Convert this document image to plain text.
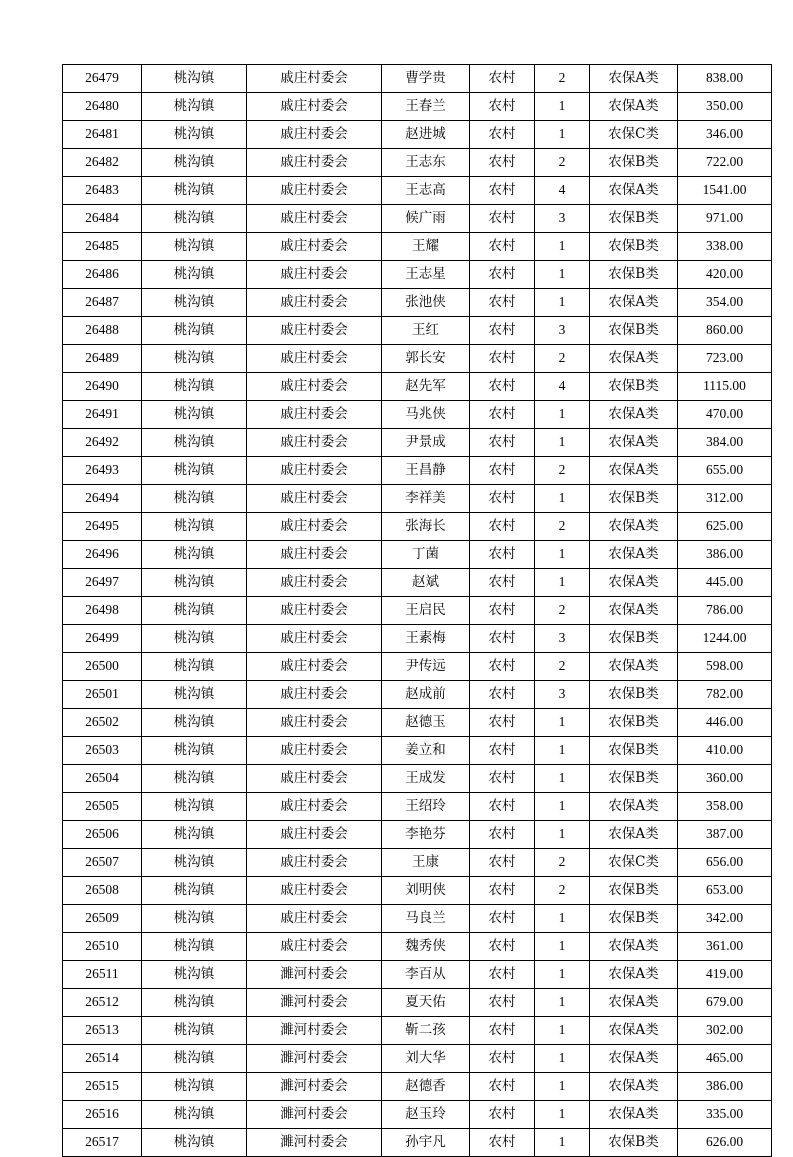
26479	桃沟镇	戚庄村委会	曹学贵	农村	2	农保A类	838.00
26480	桃沟镇	戚庄村委会	王春兰	农村	1	农保A类	350.00
26481	桃沟镇	戚庄村委会	赵进城	农村	1	农保C类	346.00
26482	桃沟镇	戚庄村委会	王志东	农村	2	农保B类	722.00
26483	桃沟镇	戚庄村委会	王志高	农村	4	农保A类	1541.00
26484	桃沟镇	戚庄村委会	候广雨	农村	3	农保B类	971.00
26485	桃沟镇	戚庄村委会	王耀	农村	1	农保B类	338.00
26486	桃沟镇	戚庄村委会	王志星	农村	1	农保B类	420.00
26487	桃沟镇	戚庄村委会	张池侠	农村	1	农保A类	354.00
26488	桃沟镇	戚庄村委会	王红	农村	3	农保B类	860.00
26489	桃沟镇	戚庄村委会	郭长安	农村	2	农保A类	723.00
26490	桃沟镇	戚庄村委会	赵先军	农村	4	农保B类	1115.00
26491	桃沟镇	戚庄村委会	马兆侠	农村	1	农保A类	470.00
26492	桃沟镇	戚庄村委会	尹景成	农村	1	农保A类	384.00
26493	桃沟镇	戚庄村委会	王昌静	农村	2	农保A类	655.00
26494	桃沟镇	戚庄村委会	李祥美	农村	1	农保B类	312.00
26495	桃沟镇	戚庄村委会	张海长	农村	2	农保A类	625.00
26496	桃沟镇	戚庄村委会	丁菌	农村	1	农保A类	386.00
26497	桃沟镇	戚庄村委会	赵斌	农村	1	农保A类	445.00
26498	桃沟镇	戚庄村委会	王启民	农村	2	农保A类	786.00
26499	桃沟镇	戚庄村委会	王素梅	农村	3	农保B类	1244.00
26500	桃沟镇	戚庄村委会	尹传远	农村	2	农保A类	598.00
26501	桃沟镇	戚庄村委会	赵成前	农村	3	农保B类	782.00
26502	桃沟镇	戚庄村委会	赵德玉	农村	1	农保B类	446.00
26503	桃沟镇	戚庄村委会	姜立和	农村	1	农保B类	410.00
26504	桃沟镇	戚庄村委会	王成发	农村	1	农保B类	360.00
26505	桃沟镇	戚庄村委会	王绍玲	农村	1	农保A类	358.00
26506	桃沟镇	戚庄村委会	李艳芬	农村	1	农保A类	387.00
26507	桃沟镇	戚庄村委会	王康	农村	2	农保C类	656.00
26508	桃沟镇	戚庄村委会	刘明侠	农村	2	农保B类	653.00
26509	桃沟镇	戚庄村委会	马良兰	农村	1	农保B类	342.00
26510	桃沟镇	戚庄村委会	魏秀侠	农村	1	农保A类	361.00
26511	桃沟镇	濉河村委会	李百从	农村	1	农保A类	419.00
26512	桃沟镇	濉河村委会	夏天佑	农村	1	农保A类	679.00
26513	桃沟镇	濉河村委会	靳二孩	农村	1	农保A类	302.00
26514	桃沟镇	濉河村委会	刘大华	农村	1	农保A类	465.00
26515	桃沟镇	濉河村委会	赵德香	农村	1	农保A类	386.00
26516	桃沟镇	濉河村委会	赵玉玲	农村	1	农保A类	335.00
26517	桃沟镇	濉河村委会	孙宇凡	农村	1	农保B类	626.00
